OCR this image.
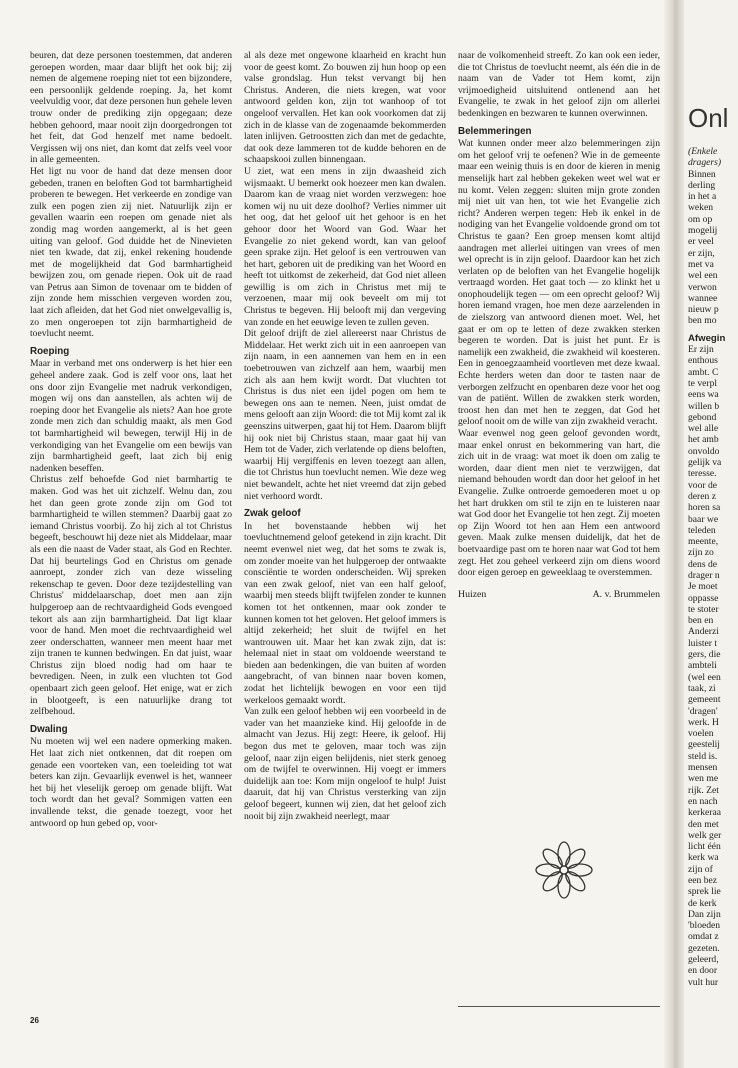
beuren, dat deze personen toestemmen, dat anderen geroepen worden, maar daar blijft het ook bij; zij nemen de algemene roeping niet tot een bijzondere, een persoonlijk geldende roeping. Ja, het komt veelvuldig voor, dat deze personen hun gehele leven trouw onder de prediking zijn opgegaan; deze hebben gehoord, maar nooit zijn doorgedrongen tot het feit, dat God henzelf met name bedoelt. Vergissen wij ons niet, dan komt dat zelfs veel voor in alle gemeenten.

Het ligt nu voor de hand dat deze mensen door gebeden, tranen en beloften God tot barmhartigheid proberen te bewegen. Het verkeerde en zondige van zulk een pogen zien zij niet. Natuurlijk zijn er gevallen waarin een roepen om genade niet als zondig mag worden aangemerkt, al is het geen uiting van geloof. God duidde het de Ninevieten niet ten kwade, dat zij, enkel rekening houdende met de mogelijkheid dat God barmhartigheid bewijzen zou, om genade riepen. Ook uit de raad van Petrus aan Simon de tovenaar om te bidden of zijn zonde hem misschien vergeven worden zou, laat zich afleiden, dat het God niet onwelgevallig is, zo men ongeroepen tot zijn barmhartigheid de toevlucht neemt.

Roeping

Maar in verband met ons onderwerp is het hier een geheel andere zaak. God is zelf voor ons, laat het ons door zijn Evangelie met nadruk verkondigen, mogen wij ons dan aanstellen, als achten wij de roeping door het Evangelie als niets? Aan hoe grote zonde men zich dan schuldig maakt, als men God tot barmhartigheid wil bewegen, terwijl Hij in de verkondiging van het Evangelie om een bewijs van zijn barmhartigheid geeft, laat zich bij enig nadenken beseffen.

Christus zelf behoefde God niet barmhartig te maken. God was het uit zichzelf. Welnu dan, zou het dan geen grote zonde zijn om God tot barmhartigheid te willen stemmen? Daarbij gaat zo iemand Christus voorbij. Zo hij zich al tot Christus begeeft, beschouwt hij deze niet als Middelaar, maar als een die naast de Vader staat, als God en Rechter. Dat hij beurtelings God en Christus om genade aanroept, zonder zich van deze wisseling rekenschap te geven. Door deze tezijdestelling van Christus' middelaarschap, doet men aan zijn hulpgeroep aan de rechtvaardigheid Gods evengoed tekort als aan zijn barmhartigheid. Dat ligt klaar voor de hand. Men moet die rechtvaardigheid wel zeer onderschatten, wanneer men meent haar met zijn tranen te kunnen bedwingen. En dat juist, waar Christus zijn bloed nodig had om haar te bevredigen. Neen, in zulk een vluchten tot God openbaart zich geen geloof. Het enige, wat er zich in blootgeeft, is een natuurlijke drang tot zelfbehoud.

Dwaling

Nu moeten wij wel een nadere opmerking maken. Het laat zich niet ontkennen, dat dit roepen om genade een voorteken van, een toeleiding tot wat beters kan zijn. Gevaarlijk evenwel is het, wanneer het bij het vleselijk geroep om genade blijft. Wat toch wordt dan het geval? Sommigen vatten een invallende tekst, die genade toezegt, voor het antwoord op hun gebed op, voor-

al als deze met ongewone klaarheid en kracht hun voor de geest komt. Zo bouwen zij hun hoop op een valse grondslag. Hun tekst vervangt bij hen Christus. Anderen, die niets kregen, wat voor antwoord gelden kon, zijn tot wanhoop of tot ongeloof vervallen. Het kan ook voorkomen dat zij zich in de klasse van de zogenaamde bekommerden laten inlijven. Getroostten zich dan met de gedachte, dat ook deze lammeren tot de kudde behoren en de schaapskooi zullen binnengaan.

U ziet, wat een mens in zijn dwaasheid zich wijsmaakt. U bemerkt ook hoezeer men kan dwalen. Daarom kan de vraag niet worden verzwegen: hoe komen wij nu uit deze doolhof? Verlies nimmer uit het oog, dat het geloof uit het gehoor is en het gehoor door het Woord van God. Waar het Evangelie zo niet gekend wordt, kan van geloof geen sprake zijn. Het geloof is een vertrouwen van het hart, geboren uit de prediking van het Woord en heeft tot uitkomst de zekerheid, dat God niet alleen gewillig is om zich in Christus met mij te verzoenen, maar mij ook beveelt om mij tot Christus te begeven. Hij belooft mij dan vergeving van zonde en het eeuwige leven te zullen geven.

Dit geloof drijft de ziel allereerst naar Christus de Middelaar. Het werkt zich uit in een aanroepen van zijn naam, in een aannemen van hem en in een toebetrouwen van zichzelf aan hem, waarbij men zich als aan hem kwijt wordt. Dat vluchten tot Christus is dus niet een ijdel pogen om hem te bewegen ons aan te nemen. Neen, juist omdat de mens gelooft aan zijn Woord: die tot Mij komt zal ik geenszins uitwerpen, gaat hij tot Hem. Daarom blijft hij ook niet bij Christus staan, maar gaat hij van Hem tot de Vader, zich verlatende op diens beloften, waarbij Hij vergiffenis en leven toezegt aan allen, die tot Christus hun toevlucht nemen. Wie deze weg niet bewandelt, achte het niet vreemd dat zijn gebed niet verhoord wordt.

Zwak geloof

In het bovenstaande hebben wij het toevluchtnemend geloof getekend in zijn kracht. Dit neemt evenwel niet weg, dat het soms te zwak is, om zonder moeite van het hulpgeroep der ontwaakte consciëntie te worden onderscheiden. Wij spreken van een zwak geloof, niet van een half geloof, waarbij men steeds blijft twijfelen zonder te kunnen komen tot het ontkennen, maar ook zonder te kunnen komen tot het geloven. Het geloof immers is altijd zekerheid; het sluit de twijfel en het wantrouwen uit. Maar het kan zwak zijn, dat is: helemaal niet in staat om voldoende weerstand te bieden aan bedenkingen, die van buiten af worden aangebracht, of van binnen naar boven komen, zodat het lichtelijk bewogen en voor een tijd werkeloos gemaakt wordt.

Van zulk een geloof hebben wij een voorbeeld in de vader van het maanzieke kind. Hij geloofde in de almacht van Jezus. Hij zegt: Heere, ik geloof. Hij begon dus met te geloven, maar toch was zijn geloof, naar zijn eigen belijdenis, niet sterk genoeg om de twijfel te overwinnen. Hij voegt er immers duidelijk aan toe: Kom mijn ongeloof te hulp! Juist daaruit, dat hij van Christus versterking van zijn geloof begeert, kunnen wij zien, dat het geloof zich nooit bij zijn zwakheid neerlegt, maar

naar de volkomenheid streeft. Zo kan ook een ieder, die tot Christus de toevlucht neemt, als één die in de naam van de Vader tot Hem komt, zijn vrijmoedigheid uitsluitend ontlenend aan het Evangelie, te zwak in het geloof zijn om allerlei bedenkingen en bezwaren te kunnen overwinnen.

Belemmeringen

Wat kunnen onder meer alzo belemmeringen zijn om het geloof vrij te oefenen? Wie in de gemeente maar een weinig thuis is en door de kieren in menig menselijk hart zal hebben gekeken weet wel wat er nu komt. Velen zeggen: sluiten mijn grote zonden mij niet uit van hen, tot wie het Evangelie zich richt? Anderen werpen tegen: Heb ik enkel in de nodiging van het Evangelie voldoende grond om tot Christus te gaan? Een groep mensen komt altijd aandragen met allerlei uitingen van vrees of men wel oprecht is in zijn geloof. Daardoor kan het zich verlaten op de beloften van het Evangelie hogelijk vertraagd worden. Het gaat toch — zo klinkt het u onophoudelijk tegen — om een oprecht geloof? Wij horen iemand vragen, hoe men deze aarzelenden in de zielszorg van antwoord dienen moet. Wel, het gaat er om op te letten of deze zwakken sterken begeren te worden. Dat is juist het punt. Er is namelijk een zwakheid, die zwakheid wil koesteren. Een in genoegzaamheid voortleven met deze kwaal. Echte herders weten dan door te tasten naar de verborgen zelfzucht en openbaren deze voor het oog van de patiënt. Willen de zwakken sterk worden, troost hen dan met hen te zeggen, dat God het geloof nooit om de wille van zijn zwakheid veracht.

Waar evenwel nog geen geloof gevonden wordt, maar enkel onrust en bekommering van hart, die zich uit in de vraag: wat moet ik doen om zalig te worden, daar dient men niet te verzwijgen, dat niemand behouden wordt dan door het geloof in het Evangelie. Zulke ontroerde gemoederen moet u op het hart drukken om stil te zijn en te luisteren naar wat God door het Evangelie tot hen zegt. Zij moeten op Zijn Woord tot hen aan Hem een antwoord geven. Maak zulke mensen duidelijk, dat het de boetvaardige past om te horen naar wat God tot hem zegt. Het zou geheel verkeerd zijn om diens woord door eigen geroep en geweeklaag te overstemmen.

Huizen	A. v. Brummelen
26
Onl
(Enkele
dragers)
Binnen
derling
in het a
weken
om op
mogelij
er veel
er zijn,
met va
wel een
verwon
wannee
nieuw p
ben mo
Afwegin
Er zijn
enthous
ambt. C
te verpl
eens wa
willen b
gebond
wel alle
het amb
onvoldo
gelijk va
teresse.
voor de
deren z
horen sa
baar we
teleden
meente,
zijn zo
dens de
drager n
Je moet
oppasse
te stoter
ben en
Anderzi
luister t
gers, die
ambteli
(wel een
taak, zi
gemeent
'dragen'
werk. H
voelen
geestelij
steld is.
mensen
wen me
rijk. Zet
en nach
kerkeraa
den met
welk ger
licht één
kerk wa
zijn of
een bez
sprek lie
de kerk
Dan zijn
'bloeden
omdat z
gezeten.
geleerd,
en door
vult hur
